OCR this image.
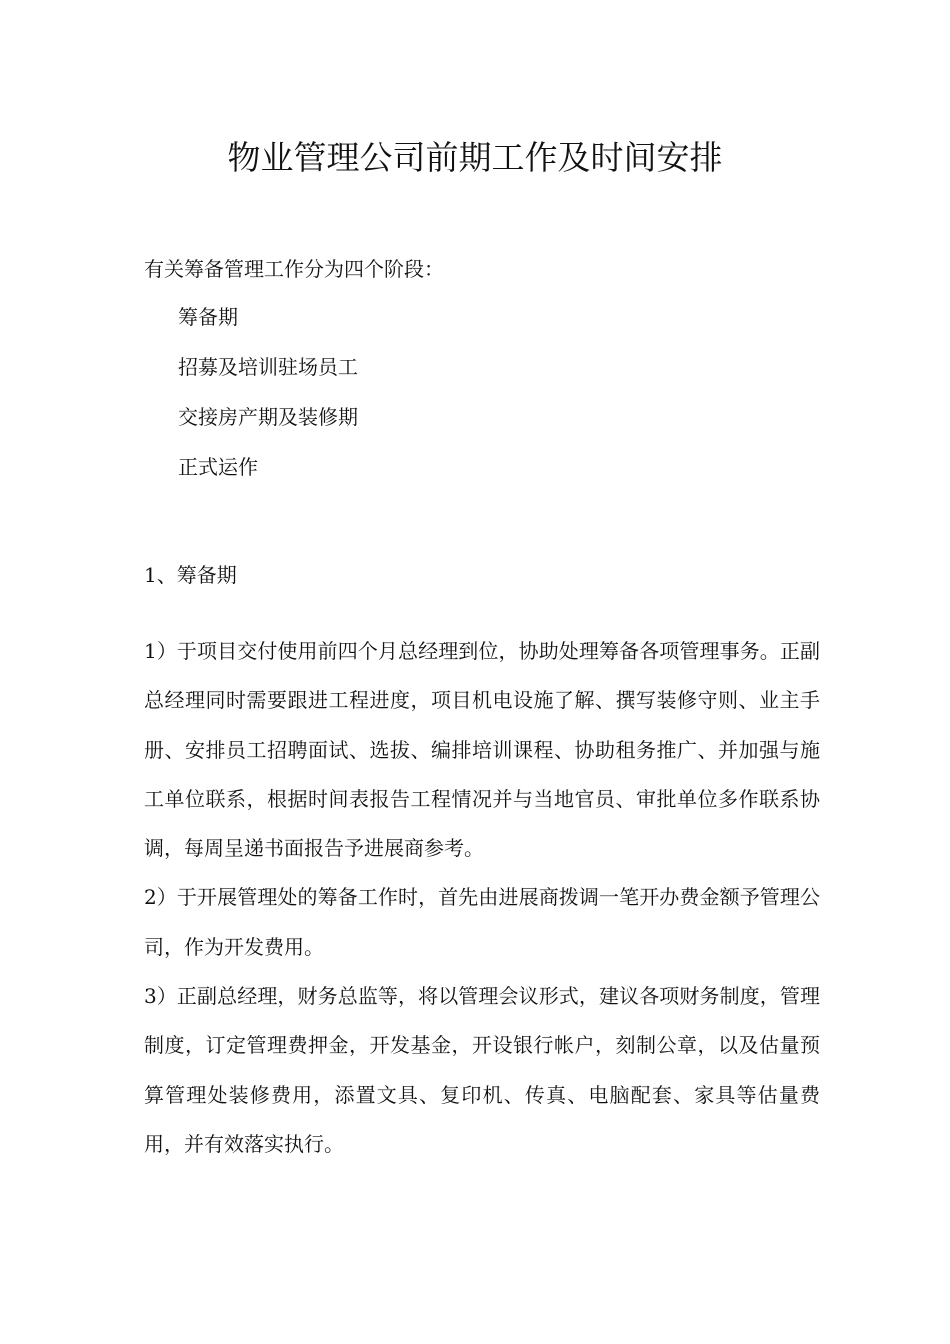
物业管理公司前期工作及时间安排
有关筹备管理工作分为四个阶段：
筹备期
招募及培训驻场员工
交接房产期及装修期
正式运作
1、筹备期

1）于项目交付使用前四个月总经理到位，协助处理筹备各项管理事务。正副总经理同时需要跟进工程进度，项目机电设施了解、撰写装修守则、业主手册、安排员工招聘面试、选拔、编排培训课程、协助租务推广、并加强与施工单位联系，根据时间表报告工程情况并与当地官员、审批单位多作联系协调，每周呈递书面报告予进展商参考。

2）于开展管理处的筹备工作时，首先由进展商拨调一笔开办费金额予管理公司，作为开发费用。

3）正副总经理，财务总监等，将以管理会议形式，建议各项财务制度，管理制度，订定管理费押金，开发基金，开设银行帐户，刻制公章，以及估量预算管理处装修费用，添置文具、复印机、传真、电脑配套、家具等估量费用，并有效落实执行。
